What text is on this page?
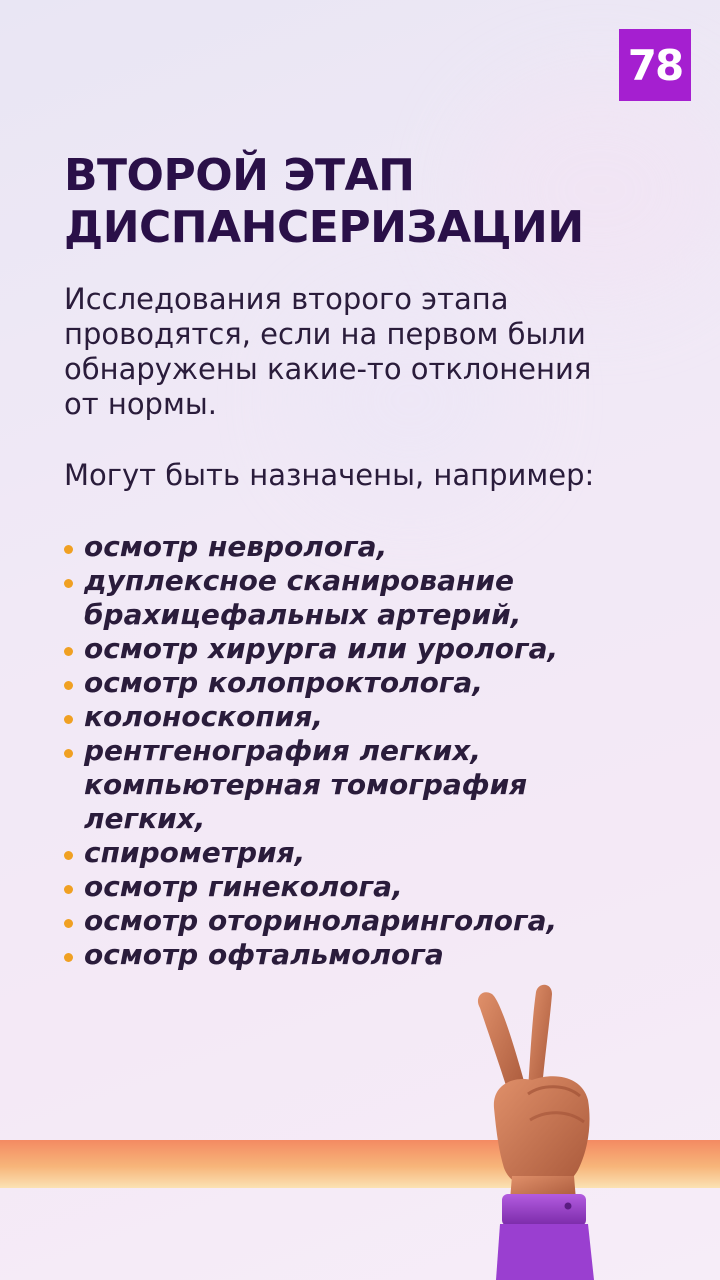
78
ВТОРОЙ ЭТАП
ДИСПАНСЕРИЗАЦИИ

Исследования второго этапа
проводятся, если на первом были
обнаружены какие-то отклонения
от нормы.

Могут быть назначены, например:

осмотр невролога,
дуплексное сканирование
брахицефальных артерий,
осмотр хирурга или уролога,
осмотр колопроктолога,
колоноскопия,
рентгенография легких,
компьютерная томография
легких,
спирометрия,
осмотр гинеколога,
осмотр оториноларинголога,
осмотр офтальмолога
